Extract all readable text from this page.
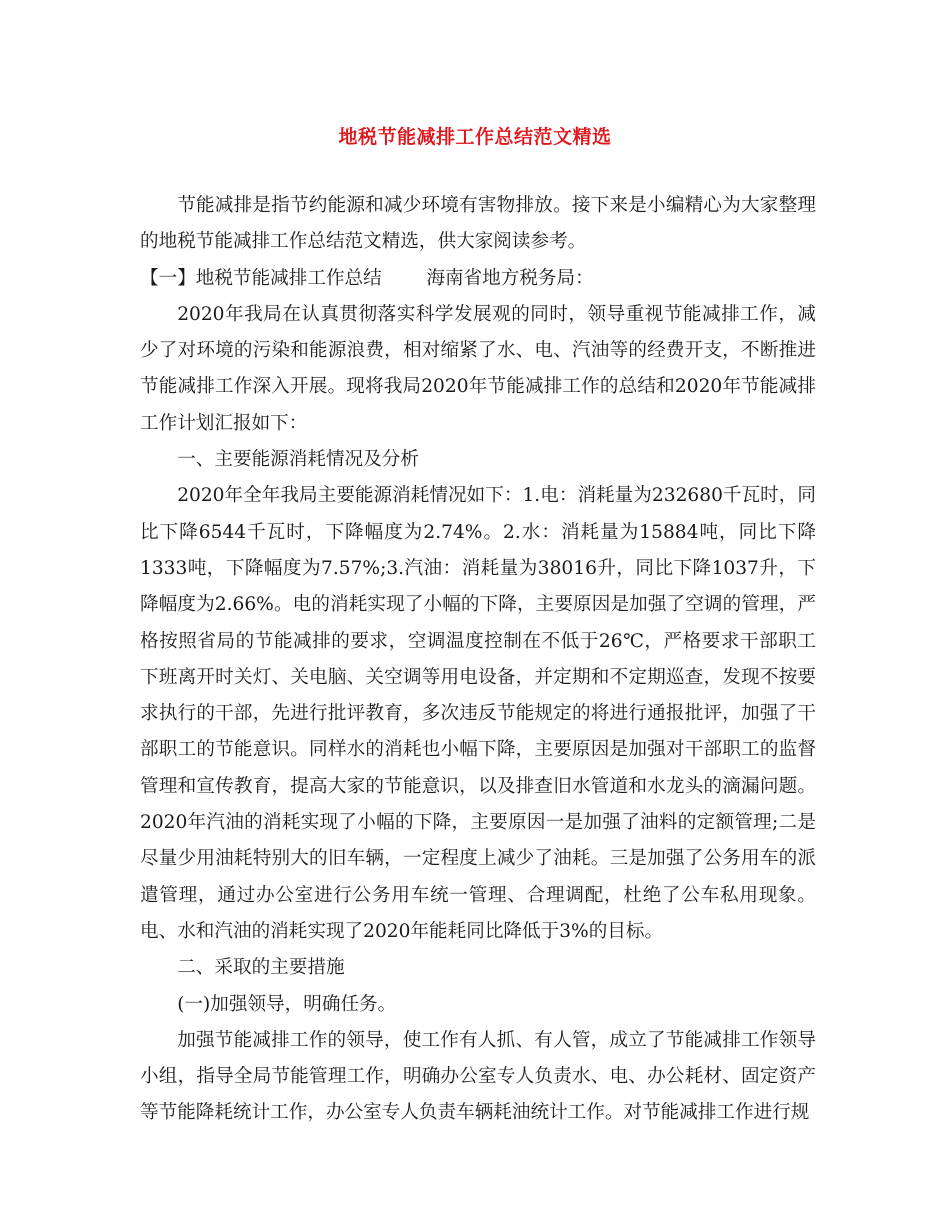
地税节能减排工作总结范文精选

节能减排是指节约能源和减少环境有害物排放。接下来是小编精心为大家整理的地税节能减排工作总结范文精选，供大家阅读参考。

【一】地税节能减排工作总结 海南省地方税务局：

2020年我局在认真贯彻落实科学发展观的同时，领导重视节能减排工作，减少了对环境的污染和能源浪费，相对缩紧了水、电、汽油等的经费开支，不断推进节能减排工作深入开展。现将我局2020年节能减排工作的总结和2020年节能减排工作计划汇报如下：

一、主要能源消耗情况及分析

2020年全年我局主要能源消耗情况如下：1.电：消耗量为232680千瓦时，同比下降6544千瓦时，下降幅度为2.74%。2.水：消耗量为15884吨，同比下降1333吨，下降幅度为7.57%;3.汽油：消耗量为38016升，同比下降1037升，下降幅度为2.66%。电的消耗实现了小幅的下降，主要原因是加强了空调的管理，严格按照省局的节能减排的要求，空调温度控制在不低于26℃，严格要求干部职工下班离开时关灯、关电脑、关空调等用电设备，并定期和不定期巡查，发现不按要求执行的干部，先进行批评教育，多次违反节能规定的将进行通报批评，加强了干部职工的节能意识。同样水的消耗也小幅下降，主要原因是加强对干部职工的监督管理和宣传教育，提高大家的节能意识，以及排查旧水管道和水龙头的滴漏问题。2020年汽油的消耗实现了小幅的下降，主要原因一是加强了油料的定额管理;二是尽量少用油耗特别大的旧车辆，一定程度上减少了油耗。三是加强了公务用车的派遣管理，通过办公室进行公务用车统一管理、合理调配，杜绝了公车私用现象。电、水和汽油的消耗实现了2020年能耗同比降低于3%的目标。

二、采取的主要措施

(一)加强领导，明确任务。

加强节能减排工作的领导，使工作有人抓、有人管，成立了节能减排工作领导小组，指导全局节能管理工作，明确办公室专人负责水、电、办公耗材、固定资产等节能降耗统计工作，办公室专人负责车辆耗油统计工作。对节能减排工作进行规
